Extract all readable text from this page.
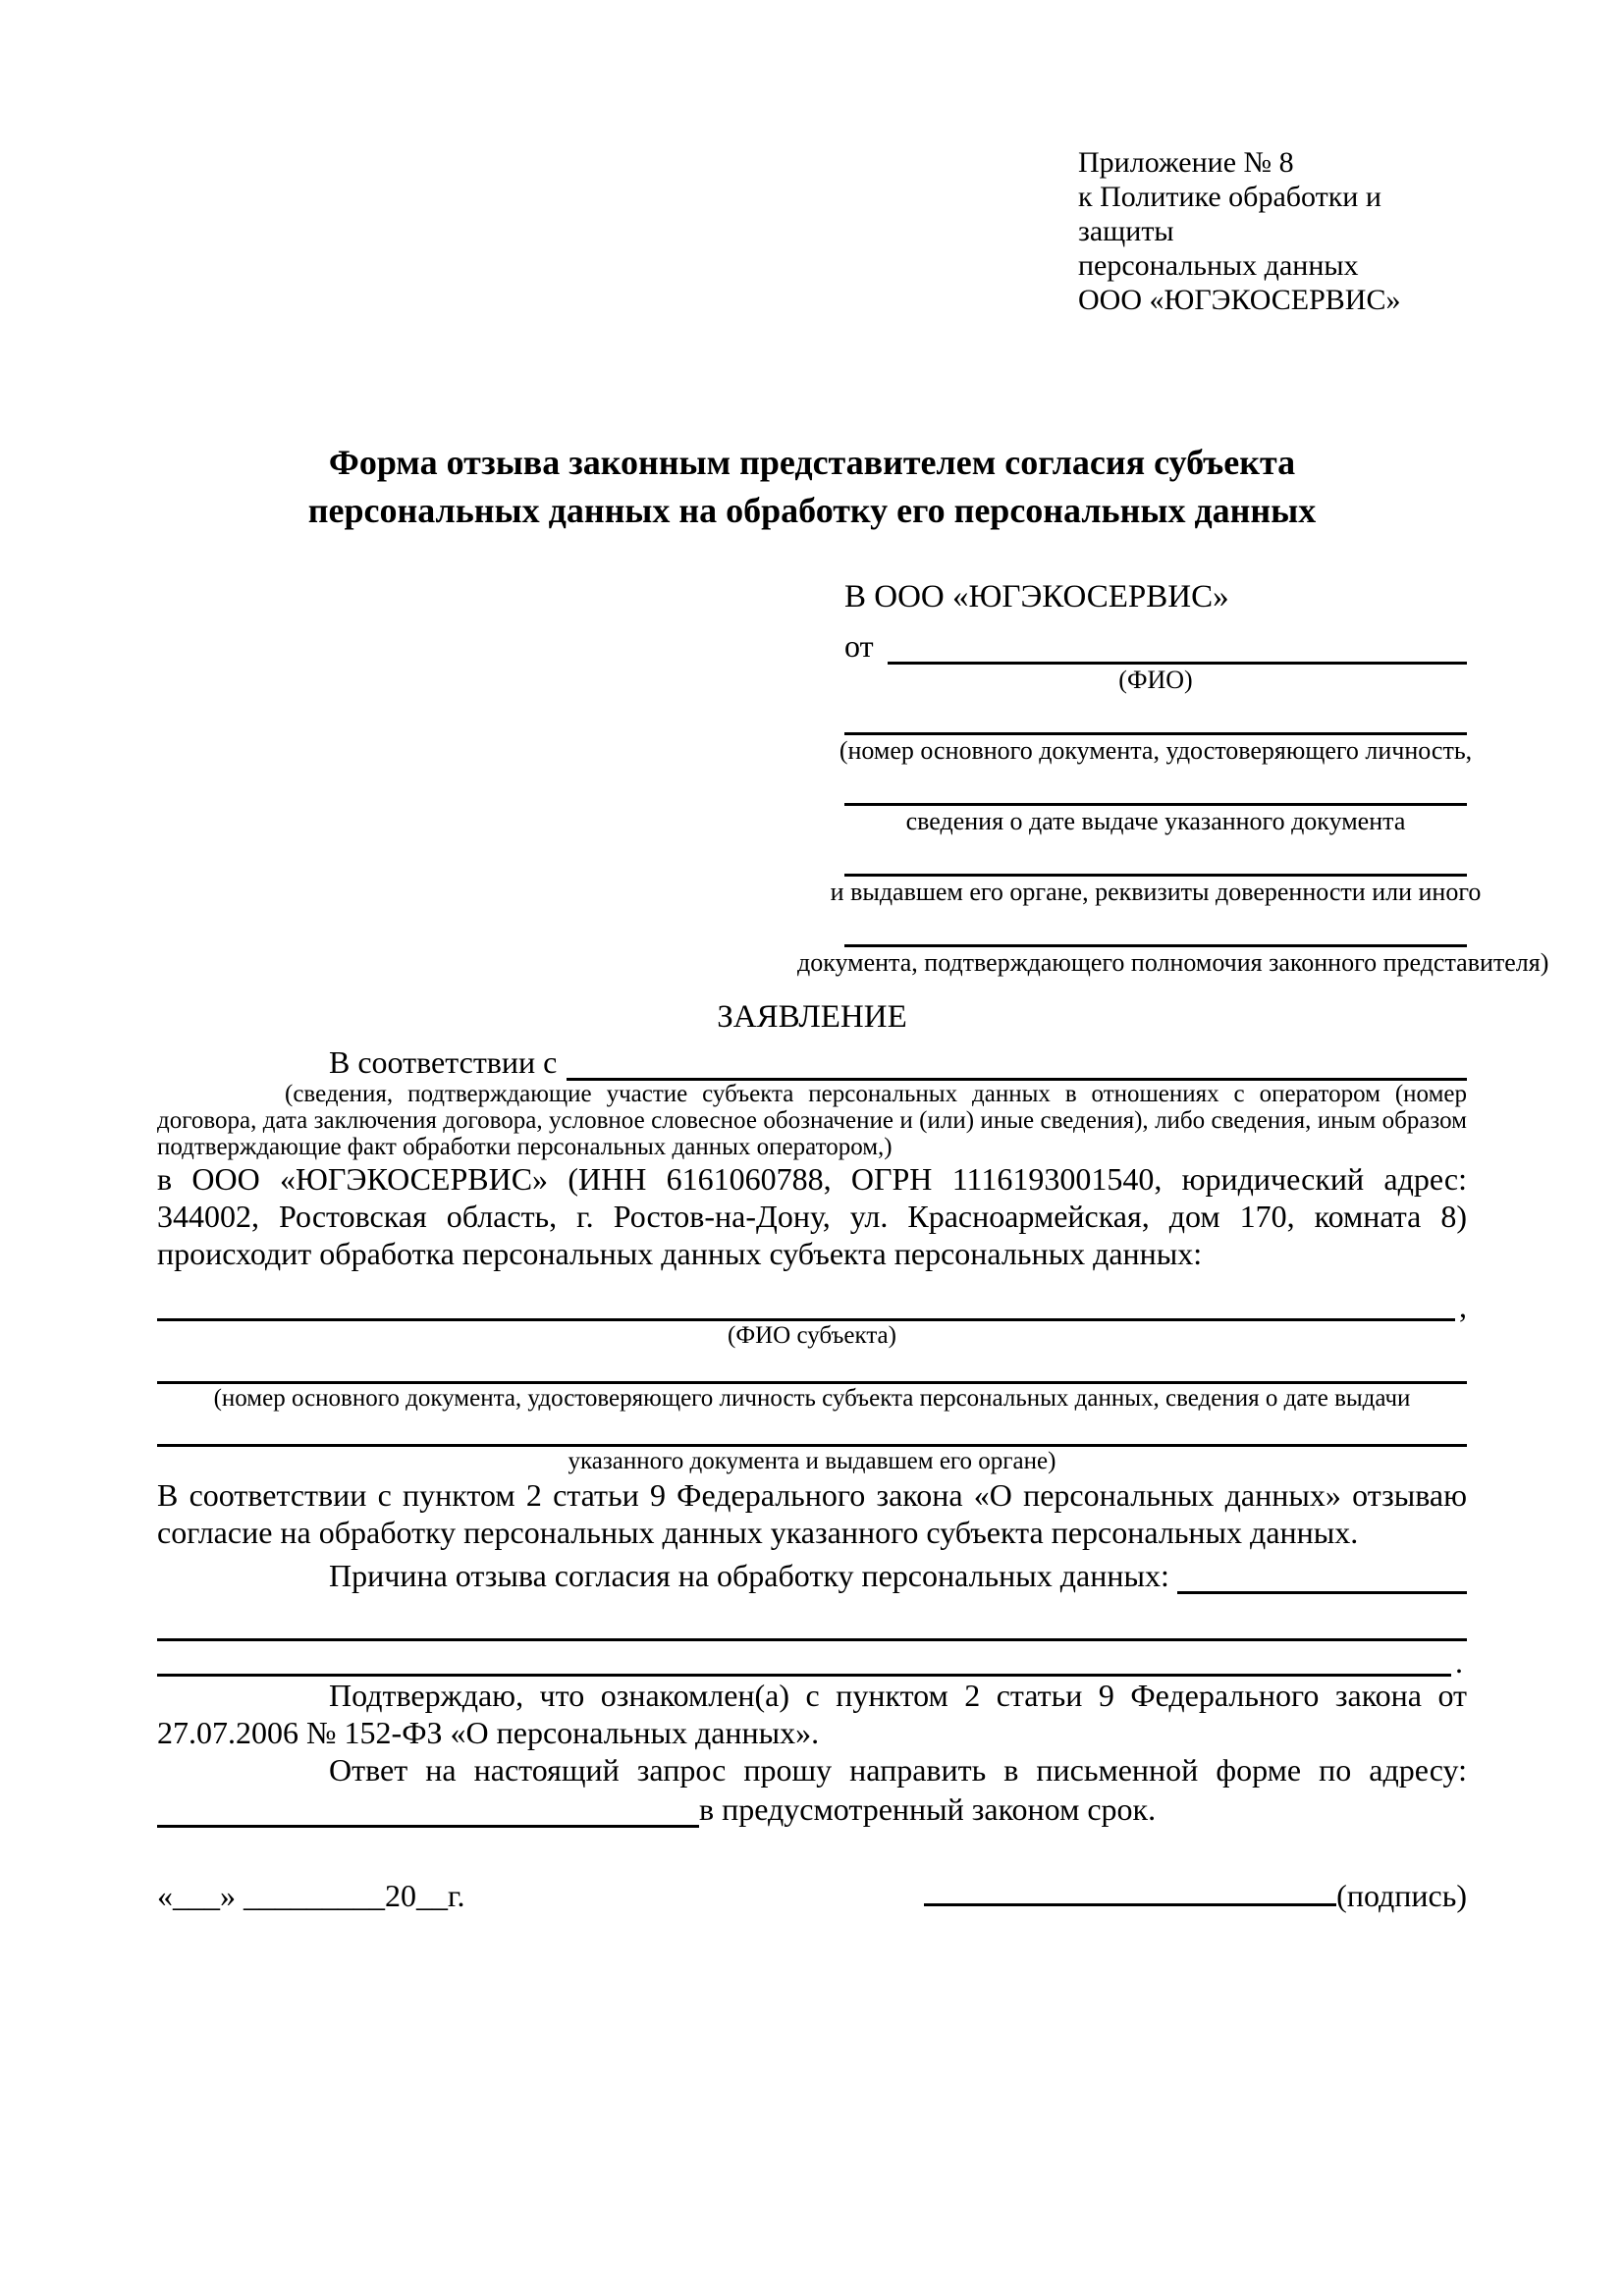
Приложение № 8
к Политике обработки и защиты
персональных данных
ООО «ЮГЭКОСЕРВИС»
Форма отзыва законным представителем согласия субъекта персональных данных на обработку его персональных данных
В ООО «ЮГЭКОСЕРВИС»
от
(ФИО)
(номер основного документа, удостоверяющего личность,
сведения о дате выдаче указанного документа
и выдавшем его органе, реквизиты доверенности или иного
документа, подтверждающего полномочия законного представителя)
ЗАЯВЛЕНИЕ
В соответствии с

(сведения, подтверждающие участие субъекта персональных данных в отношениях с оператором (номер договора, дата заключения договора, условное словесное обозначение и (или) иные сведения), либо сведения, иным образом подтверждающие факт обработки персональных данных оператором,)

в ООО «ЮГЭКОСЕРВИС» (ИНН 6161060788, ОГРН 1116193001540, юридический адрес: 344002, Ростовская область, г. Ростов-на-Дону, ул. Красноармейская, дом 170, комната 8) происходит обработка персональных данных субъекта персональных данных:

,
(ФИО субъекта)
(номер основного документа, удостоверяющего личность субъекта персональных данных, сведения о дате выдачи
указанного документа и выдавшем его органе)

В соответствии с пунктом 2 статьи 9 Федерального закона «О персональных данных» отзываю согласие на обработку персональных данных указанного субъекта персональных данных.

Причина отзыва согласия на обработку персональных данных:
.

Подтверждаю, что ознакомлен(а) с пунктом 2 статьи 9 Федерального закона от 27.07.2006 № 152-ФЗ «О персональных данных».

Ответ на настоящий запрос прошу направить в письменной форме по адресу:

в предусмотренный законом срок.
«___» _________20__г.	(подпись)
